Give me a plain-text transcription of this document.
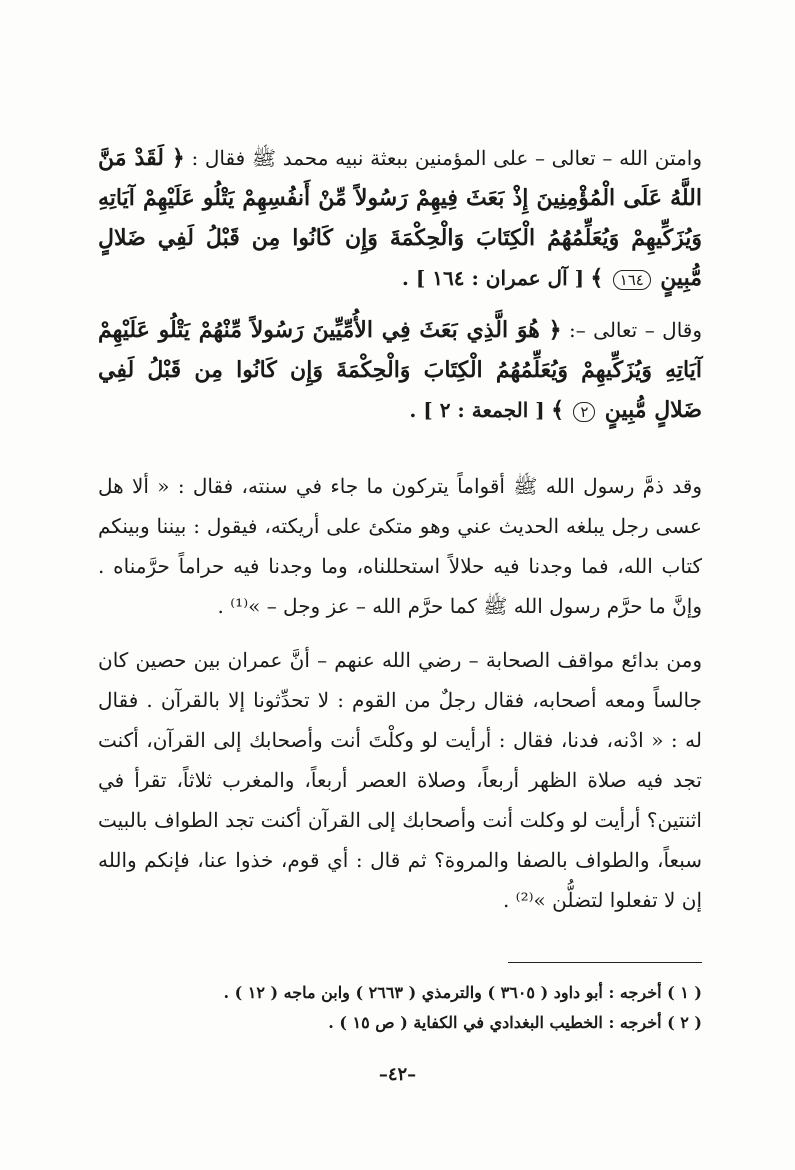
وامتن الله – تعالى – على المؤمنين ببعثة نبيه محمد ﷺ فقال : ﴿ لَقَدْ مَنَّ اللَّهُ عَلَى الْمُؤْمِنِينَ إِذْ بَعَثَ فِيهِمْ رَسُولاً مِّنْ أَنفُسِهِمْ يَتْلُو عَلَيْهِمْ آيَاتِهِ وَيُزَكِّيهِمْ وَيُعَلِّمُهُمُ الْكِتَابَ وَالْحِكْمَةَ وَإِن كَانُوا مِن قَبْلُ لَفِي ضَلالٍ مُّبِينٍ ١٦٤ ﴾ [ آل عمران : ١٦٤ ] .
وقال – تعالى –: ﴿ هُوَ الَّذِي بَعَثَ فِي الأُمِّيِّينَ رَسُولاً مِّنْهُمْ يَتْلُو عَلَيْهِمْ آيَاتِهِ وَيُزَكِّيهِمْ وَيُعَلِّمُهُمُ الْكِتَابَ وَالْحِكْمَةَ وَإِن كَانُوا مِن قَبْلُ لَفِي ضَلالٍ مُّبِينٍ ٢ ﴾ [ الجمعة : ٢ ] .
وقد ذمَّ رسول الله ﷺ أقواماً يتركون ما جاء في سنته، فقال : « ألا هل عسى رجل يبلغه الحديث عني وهو متكئ على أريكته، فيقول : بيننا وبينكم كتاب الله، فما وجدنا فيه حلالاً استحللناه، وما وجدنا فيه حراماً حرَّمناه . وإنَّ ما حرَّم رسول الله ﷺ كما حرَّم الله – عز وجل – »⁽¹⁾ .
ومن بدائع مواقف الصحابة – رضي الله عنهم – أنَّ عمران بين حصين كان جالساً ومعه أصحابه، فقال رجلٌ من القوم : لا تحدِّثونا إلا بالقرآن . فقال له : « ادْنه، فدنا، فقال : أرأيت لو وكلْتَ أنت وأصحابك إلى القرآن، أكنت تجد فيه صلاة الظهر أربعاً، وصلاة العصر أربعاً، والمغرب ثلاثاً، تقرأ في اثنتين؟ أرأيت لو وكلت أنت وأصحابك إلى القرآن أكنت تجد الطواف بالبيت سبعاً، والطواف بالصفا والمروة؟ ثم قال : أي قوم، خذوا عنا، فإنكم والله إن لا تفعلوا لتضلُّن »⁽²⁾ .
( ١ ) أخرجه : أبو داود ( ٣٦٠٥ ) والترمذي ( ٢٦٦٣ ) وابن ماجه ( ١٢ ) .
( ٢ ) أخرجه : الخطيب البغدادي في الكفاية ( ص ١٥ ) .
–٤٢–
